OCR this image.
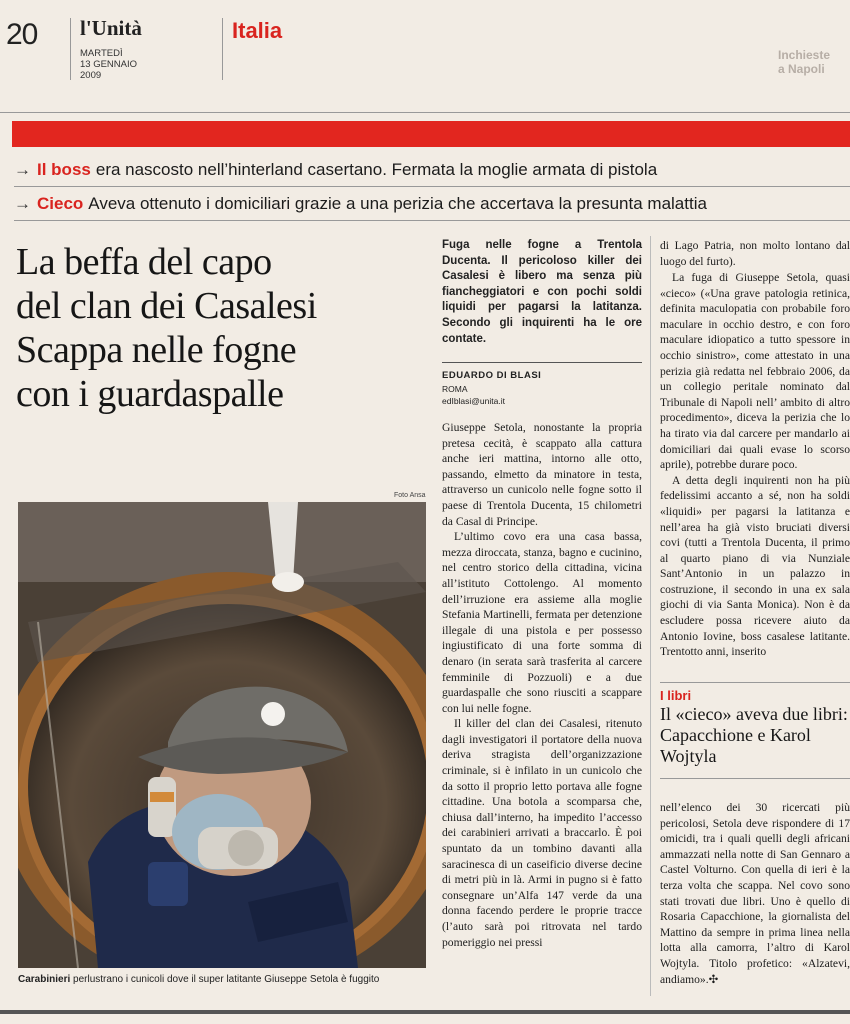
20 l'Unità
MARTEDÌ
13 GENNAIO
2009
Italia
Inchieste
a Napoli
→ Il boss era nascosto nell’hinterland casertano. Fermata la moglie armata di pistola
→ Cieco Aveva ottenuto i domiciliari grazie a una perizia che accertava la presunta malattia
La beffa del capo
del clan dei Casalesi
Scappa nelle fogne
con i guardaspalle
Foto Ansa
Carabinieri perlustrano i cunicoli dove il super latitante Giuseppe Setola è fuggito
Fuga nelle fogne a Trentola Ducenta. Il pericoloso killer dei Casalesi è libero ma senza più fiancheggiatori e con pochi soldi liquidi per pagarsi la latitanza. Secondo gli inquirenti ha le ore contate.
EDUARDO DI BLASI
ROMA
edIblasi@unita.it

Giuseppe Setola, nonostante la propria pretesa cecità, è scappato alla cattura anche ieri mattina, intorno alle otto, passando, elmetto da minatore in testa, attraverso un cunicolo nelle fogne sotto il paese di Trentola Ducenta, 15 chilometri da Casal di Principe.

L’ultimo covo era una casa bassa, mezza diroccata, stanza, bagno e cucinino, nel centro storico della cittadina, vicina all’istituto Cottolengo. Al momento dell’irruzione era assieme alla moglie Stefania Martinelli, fermata per detenzione illegale di una pistola e per possesso ingiustificato di una forte somma di denaro (in serata sarà trasferita al carcere femminile di Pozzuoli) e a due guardaspalle che sono riusciti a scappare con lui nelle fogne.

Il killer del clan dei Casalesi, ritenuto dagli investigatori il portatore della nuova deriva stragista dell’organizzazione criminale, si è infilato in un cunicolo che da sotto il proprio letto portava alle fogne cittadine. Una botola a scomparsa che, chiusa dall’interno, ha impedito l’accesso dei carabinieri arrivati a braccarlo. È poi spuntato da un tombino davanti alla saracinesca di un caseificio diverse decine di metri più in là. Armi in pugno si è fatto consegnare un’Alfa 147 verde da una donna facendo perdere le proprie tracce (l’auto sarà poi ritrovata nel tardo pomeriggio nei pressi

di Lago Patria, non molto lontano dal luogo del furto).

La fuga di Giuseppe Setola, quasi «cieco» («Una grave patologia retinica, definita maculopatia con probabile foro maculare in occhio destro, e con foro maculare idiopatico a tutto spessore in occhio sinistro», come attestato in una perizia già redatta nel febbraio 2006, da un collegio peritale nominato dal Tribunale di Napoli nell’ ambito di altro procedimento», diceva la perizia che lo ha tirato via dal carcere per mandarlo ai domiciliari dai quali evase lo scorso aprile), potrebbe durare poco.

A detta degli inquirenti non ha più fedelissimi accanto a sé, non ha soldi «liquidi» per pagarsi la latitanza e nell’area ha già visto bruciati diversi covi (tutti a Trentola Ducenta, il primo al quarto piano di via Nunziale Sant’Antonio in un palazzo in costruzione, il secondo in una ex sala giochi di via Santa Monica). Non è da escludere possa ricevere aiuto da Antonio Iovine, boss casalese latitante. Trentotto anni, inserito

I libri
Il «cieco» aveva due libri: Capacchione e Karol Wojtyla

nell’elenco dei 30 ricercati più pericolosi, Setola deve rispondere di 17 omicidi, tra i quali quelli degli africani ammazzati nella notte di San Gennaro a Castel Volturno. Con quella di ieri è la terza volta che scappa. Nel covo sono stati trovati due libri. Uno è quello di Rosaria Capacchione, la giornalista del Mattino da sempre in prima linea nella lotta alla camorra, l’altro di Karol Wojtyla. Titolo profetico: «Alzatevi, andiamo».✣
